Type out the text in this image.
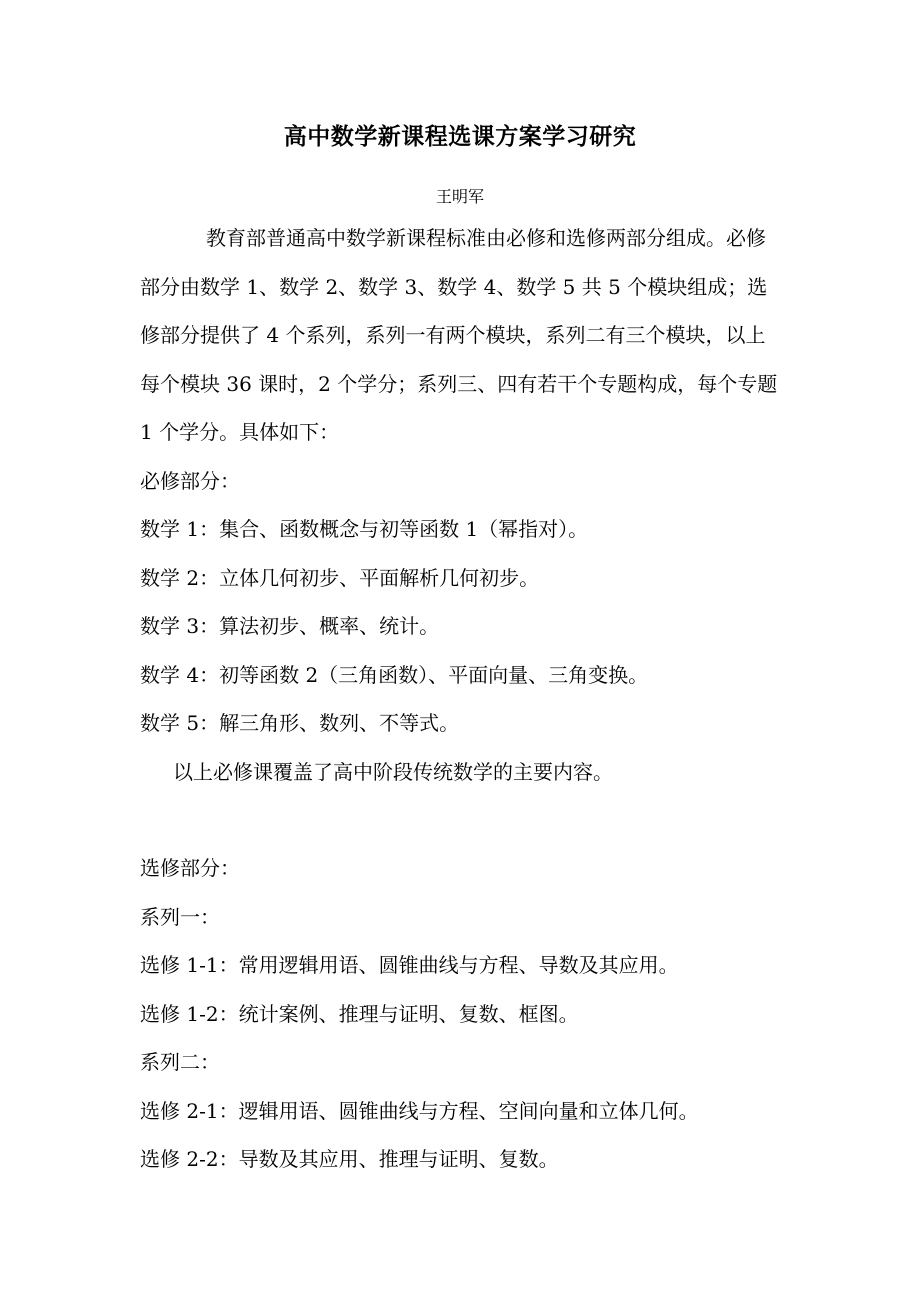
高中数学新课程选课方案学习研究
王明军

教育部普通高中数学新课程标准由必修和选修两部分组成。必修部分由数学 1、数学 2、数学 3、数学 4、数学 5 共 5 个模块组成；选修部分提供了 4 个系列，系列一有两个模块，系列二有三个模块，以上每个模块 36 课时，2 个学分；系列三、四有若干个专题构成，每个专题 1 个学分。具体如下：

必修部分：

数学 1：集合、函数概念与初等函数 1（幂指对）。

数学 2：立体几何初步、平面解析几何初步。

数学 3：算法初步、概率、统计。

数学 4：初等函数 2（三角函数）、平面向量、三角变换。

数学 5：解三角形、数列、不等式。

以上必修课覆盖了高中阶段传统数学的主要内容。

选修部分：

系列一：

选修 1-1：常用逻辑用语、圆锥曲线与方程、导数及其应用。

选修 1-2：统计案例、推理与证明、复数、框图。

系列二：

选修 2-1：逻辑用语、圆锥曲线与方程、空间向量和立体几何。

选修 2-2：导数及其应用、推理与证明、复数。
